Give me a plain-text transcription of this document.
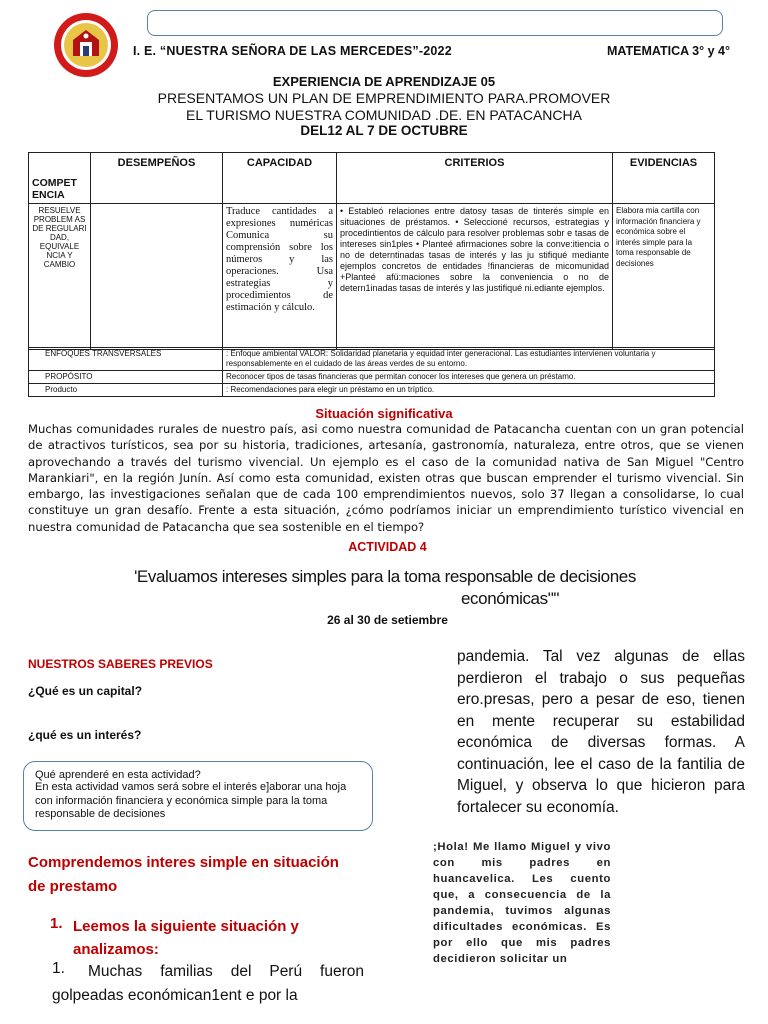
I. E. “NUESTRA SEÑORA DE LAS MERCEDES”-2022	MATEMATICA 3° y 4°
EXPERIENCIA DE APRENDIZAJE 05
PRESENTAMOS UN PLAN DE EMPRENDIMIENTO PARA.PROMOVER
EL TURISMO NUESTRA COMUNIDAD .DE. EN PATACANCHA
DEL12 AL 7 DE OCTUBRE
COMPET ENCIA	DESEMPEÑOS	CAPACIDAD	CRITERIOS	EVIDENCIAS
RESUELVE PROBLEM AS DE REGULARI DAD, EQUIVALE NCIA Y CAMBIO		Traduce cantidades a expresiones numéricas Comunica su comprensión sobre los números y las operaciones. Usa estrategias y procedimientos de estimación y cálculo.	• Estableó relaciones entre datosy tasas de tinterés simple en situaciones de préstamos. • Seleccioné recursos, estrategias y procedintientos de cálculo para resolver problemas sobr e tasas de intereses sin1ples • Planteé afirmaciones sobre la conve:itiencia o no de deterntinadas tasas de interés y las ju stifiqué mediante ejemplos concretos de entidades !financieras de micomunidad +Planteé afü:maciones sobre la conveniencia o no de detern1inadas tasas de interés y las justifiqué ni.ediante ejemplos.	Elabora mia cartilla con información financiera y económica sobre el interés simple para la toma responsable de decisiones
ENFOQUES TRANSVERSALES	: Enfoque ambiental VALOR: Solidaridad planetaria y equidad inter generacional. Las estudiantes intervienen voluntaria y responsablemente en el cuidado de las áreas verdes de su entorno.
PROPÓSITO	Reconocer tipos de tasas financieras que permitan conocer los intereses que genera un préstamo.
Producto	: Recomendaciones para elegir un préstamo en un tríptico.
Situación significativa
Muchas comunidades rurales de nuestro país, asi como nuestra comunidad de Patacancha cuentan con un gran potencial de atractivos turísticos, sea por su historia, tradiciones, artesanía, gastronomía, naturaleza, entre otros, que se vienen aprovechando a través del turismo vivencial. Un ejemplo es el caso de la comunidad nativa de San Miguel "Centro Marankiari", en la región Junín. Así como esta comunidad, existen otras que buscan emprender el turismo vivencial. Sin embargo, las investigaciones señalan que de cada 100 emprendimientos nuevos, solo 37 llegan a consolidarse, lo cual constituye un gran desafío. Frente a esta situación, ¿cómo podríamos iniciar un emprendimiento turístico vivencial en nuestra comunidad de Patacancha que sea sostenible en el tiempo?
ACTIVIDAD 4
'Evaluamos intereses simples para la toma responsable de decisiones
económicas""
26 al 30 de setiembre
NUESTROS SABERES PREVIOS
¿Qué es un capital?
¿qué es un interés?
Qué aprenderé en esta actividad?
En esta actividad vamos será sobre el interés e]aborar una hoja con información financiera y económica simple para la toma responsable de decisiones
Comprendemos interes simple en situación de prestamo
1. Leemos la siguiente situación y analizamos:
1.	Muchas familias del Perú fueron golpeadas económican1ent e por la
pandemia. Tal vez algunas de ellas perdieron el trabajo o sus pequeñas ero.presas, pero a pesar de eso, tienen en mente recuperar su estabilidad económica de diversas formas. A continuación, lee el caso de la fantilia de Miguel, y observa lo que hicieron para fortalecer su economía.
;Hola! Me llamo Miguel y vivo con mis padres en huancavelica. Les cuento que, a consecuencia de la pandemia, tuvimos algunas dificultades económicas. Es por ello que mis padres decidieron solicitar un
